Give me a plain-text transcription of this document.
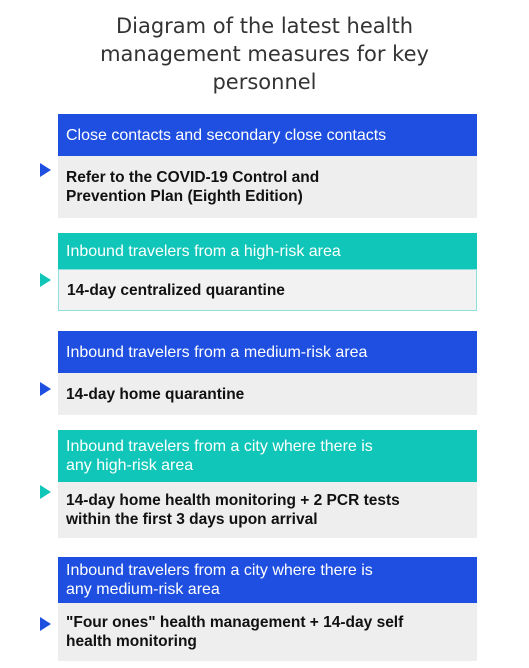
Diagram of the latest health
management measures for key
personnel
Close contacts and secondary close contacts
Refer to the COVID-19 Control and
Prevention Plan (Eighth Edition)
Inbound travelers from a high-risk area
14-day centralized quarantine
Inbound travelers from a medium-risk area
14-day home quarantine
Inbound travelers from a city where there is
any high-risk area
14-day home health monitoring + 2 PCR tests
within the first 3 days upon arrival
Inbound travelers from a city where there is
any medium-risk area
"Four ones" health management + 14-day self
health monitoring
